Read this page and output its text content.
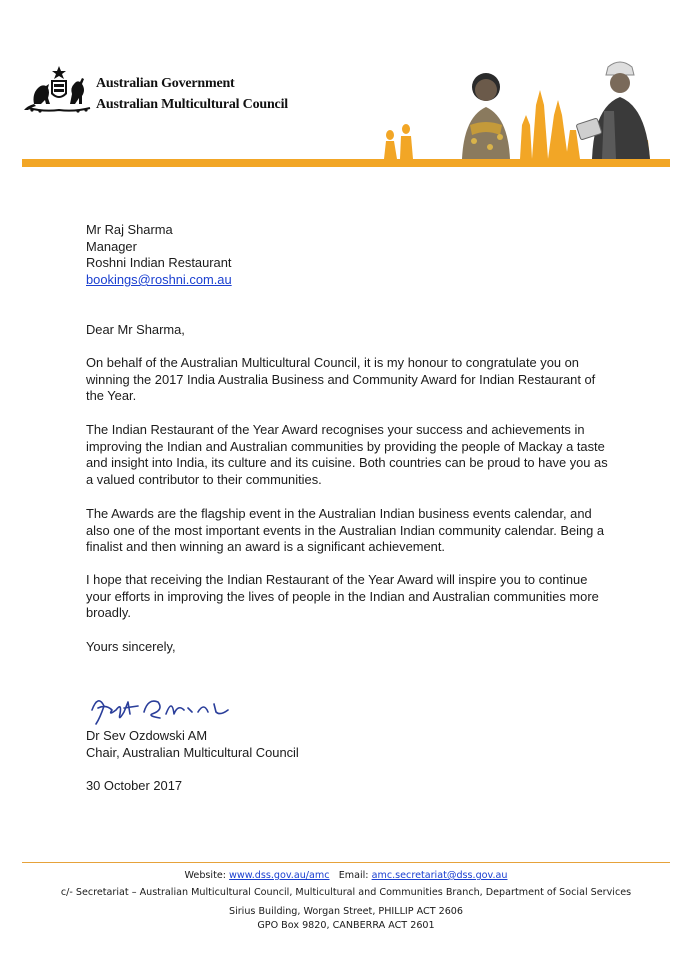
Australian Government
Australian Multicultural Council
Mr Raj Sharma
Manager
Roshni Indian Restaurant
bookings@roshni.com.au
Dear Mr Sharma,
On behalf of the Australian Multicultural Council, it is my honour to congratulate you on winning the 2017 India Australia Business and Community Award for Indian Restaurant of the Year.
The Indian Restaurant of the Year Award recognises your success and achievements in improving the Indian and Australian communities by providing the people of Mackay a taste and insight into India, its culture and its cuisine. Both countries can be proud to have you as a valued contributor to their communities.
The Awards are the flagship event in the Australian Indian business events calendar, and also one of the most important events in the Australian Indian community calendar. Being a finalist and then winning an award is a significant achievement.
I hope that receiving the Indian Restaurant of the Year Award will inspire you to continue your efforts in improving the lives of people in the Indian and Australian communities more broadly.
Yours sincerely,
Dr Sev Ozdowski AM
Chair, Australian Multicultural Council
30 October 2017
Website: www.dss.gov.au/amc Email: amc.secretariat@dss.gov.au
c/- Secretariat – Australian Multicultural Council, Multicultural and Communities Branch, Department of Social Services
Sirius Building, Worgan Street, PHILLIP ACT 2606
GPO Box 9820, CANBERRA ACT 2601
